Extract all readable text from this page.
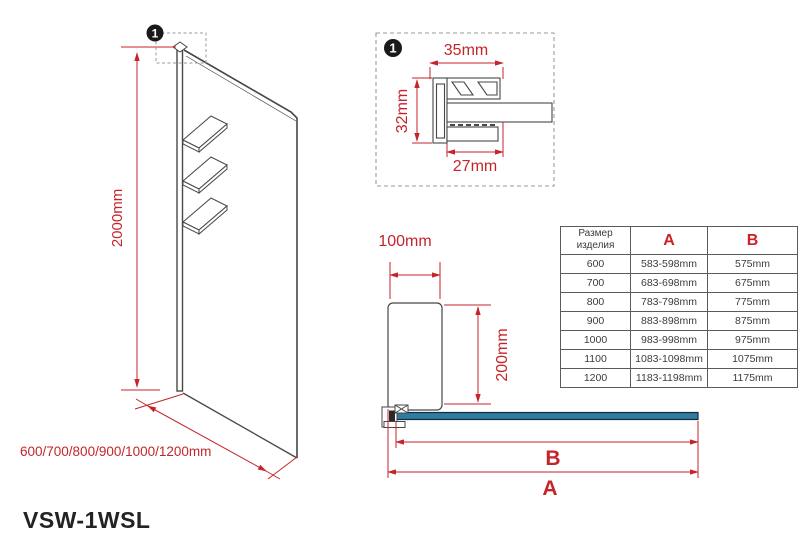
2000mm
600/700/800/900/1000/1200mm
1
1	35mm
32mm
27mm
100mm
200mm
B
A
Размер изделия	A	B
600	583-598mm	575mm
700	683-698mm	675mm
800	783-798mm	775mm
900	883-898mm	875mm
1000	983-998mm	975mm
1100	1083-1098mm	1075mm
1200	1183-1198mm	1175mm
VSW-1WSL
